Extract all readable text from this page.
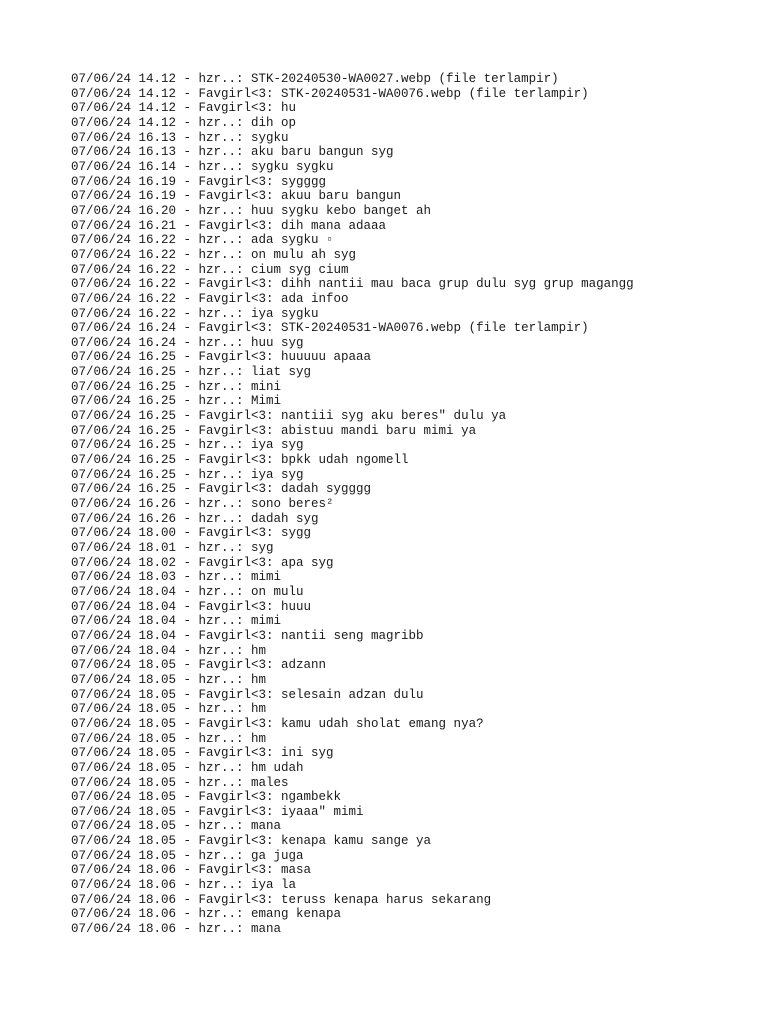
07/06/24 14.12 - hzr..: STK-20240530-WA0027.webp (file terlampir)
07/06/24 14.12 - Favgirl<3: STK-20240531-WA0076.webp (file terlampir)
07/06/24 14.12 - Favgirl<3: hu
07/06/24 14.12 - hzr..: dih op
07/06/24 16.13 - hzr..: sygku
07/06/24 16.13 - hzr..: aku baru bangun syg
07/06/24 16.14 - hzr..: sygku sygku
07/06/24 16.19 - Favgirl<3: sygggg
07/06/24 16.19 - Favgirl<3: akuu baru bangun
07/06/24 16.20 - hzr..: huu sygku kebo banget ah
07/06/24 16.21 - Favgirl<3: dih mana adaaa
07/06/24 16.22 - hzr..: ada sygku ▫
07/06/24 16.22 - hzr..: on mulu ah syg
07/06/24 16.22 - hzr..: cium syg cium
07/06/24 16.22 - Favgirl<3: dihh nantii mau baca grup dulu syg grup magangg
07/06/24 16.22 - Favgirl<3: ada infoo
07/06/24 16.22 - hzr..: iya sygku
07/06/24 16.24 - Favgirl<3: STK-20240531-WA0076.webp (file terlampir)
07/06/24 16.24 - hzr..: huu syg
07/06/24 16.25 - Favgirl<3: huuuuu apaaa
07/06/24 16.25 - hzr..: liat syg
07/06/24 16.25 - hzr..: mini
07/06/24 16.25 - hzr..: Mimi
07/06/24 16.25 - Favgirl<3: nantiii syg aku beres" dulu ya
07/06/24 16.25 - Favgirl<3: abistuu mandi baru mimi ya
07/06/24 16.25 - hzr..: iya syg
07/06/24 16.25 - Favgirl<3: bpkk udah ngomell
07/06/24 16.25 - hzr..: iya syg
07/06/24 16.25 - Favgirl<3: dadah sygggg
07/06/24 16.26 - hzr..: sono beres²
07/06/24 16.26 - hzr..: dadah syg
07/06/24 18.00 - Favgirl<3: sygg
07/06/24 18.01 - hzr..: syg
07/06/24 18.02 - Favgirl<3: apa syg
07/06/24 18.03 - hzr..: mimi
07/06/24 18.04 - hzr..: on mulu
07/06/24 18.04 - Favgirl<3: huuu
07/06/24 18.04 - hzr..: mimi
07/06/24 18.04 - Favgirl<3: nantii seng magribb
07/06/24 18.04 - hzr..: hm
07/06/24 18.05 - Favgirl<3: adzann
07/06/24 18.05 - hzr..: hm
07/06/24 18.05 - Favgirl<3: selesain adzan dulu
07/06/24 18.05 - hzr..: hm
07/06/24 18.05 - Favgirl<3: kamu udah sholat emang nya?
07/06/24 18.05 - hzr..: hm
07/06/24 18.05 - Favgirl<3: ini syg
07/06/24 18.05 - hzr..: hm udah
07/06/24 18.05 - hzr..: males
07/06/24 18.05 - Favgirl<3: ngambekk
07/06/24 18.05 - Favgirl<3: iyaaa" mimi
07/06/24 18.05 - hzr..: mana
07/06/24 18.05 - Favgirl<3: kenapa kamu sange ya
07/06/24 18.05 - hzr..: ga juga
07/06/24 18.06 - Favgirl<3: masa
07/06/24 18.06 - hzr..: iya la
07/06/24 18.06 - Favgirl<3: teruss kenapa harus sekarang
07/06/24 18.06 - hzr..: emang kenapa
07/06/24 18.06 - hzr..: mana
